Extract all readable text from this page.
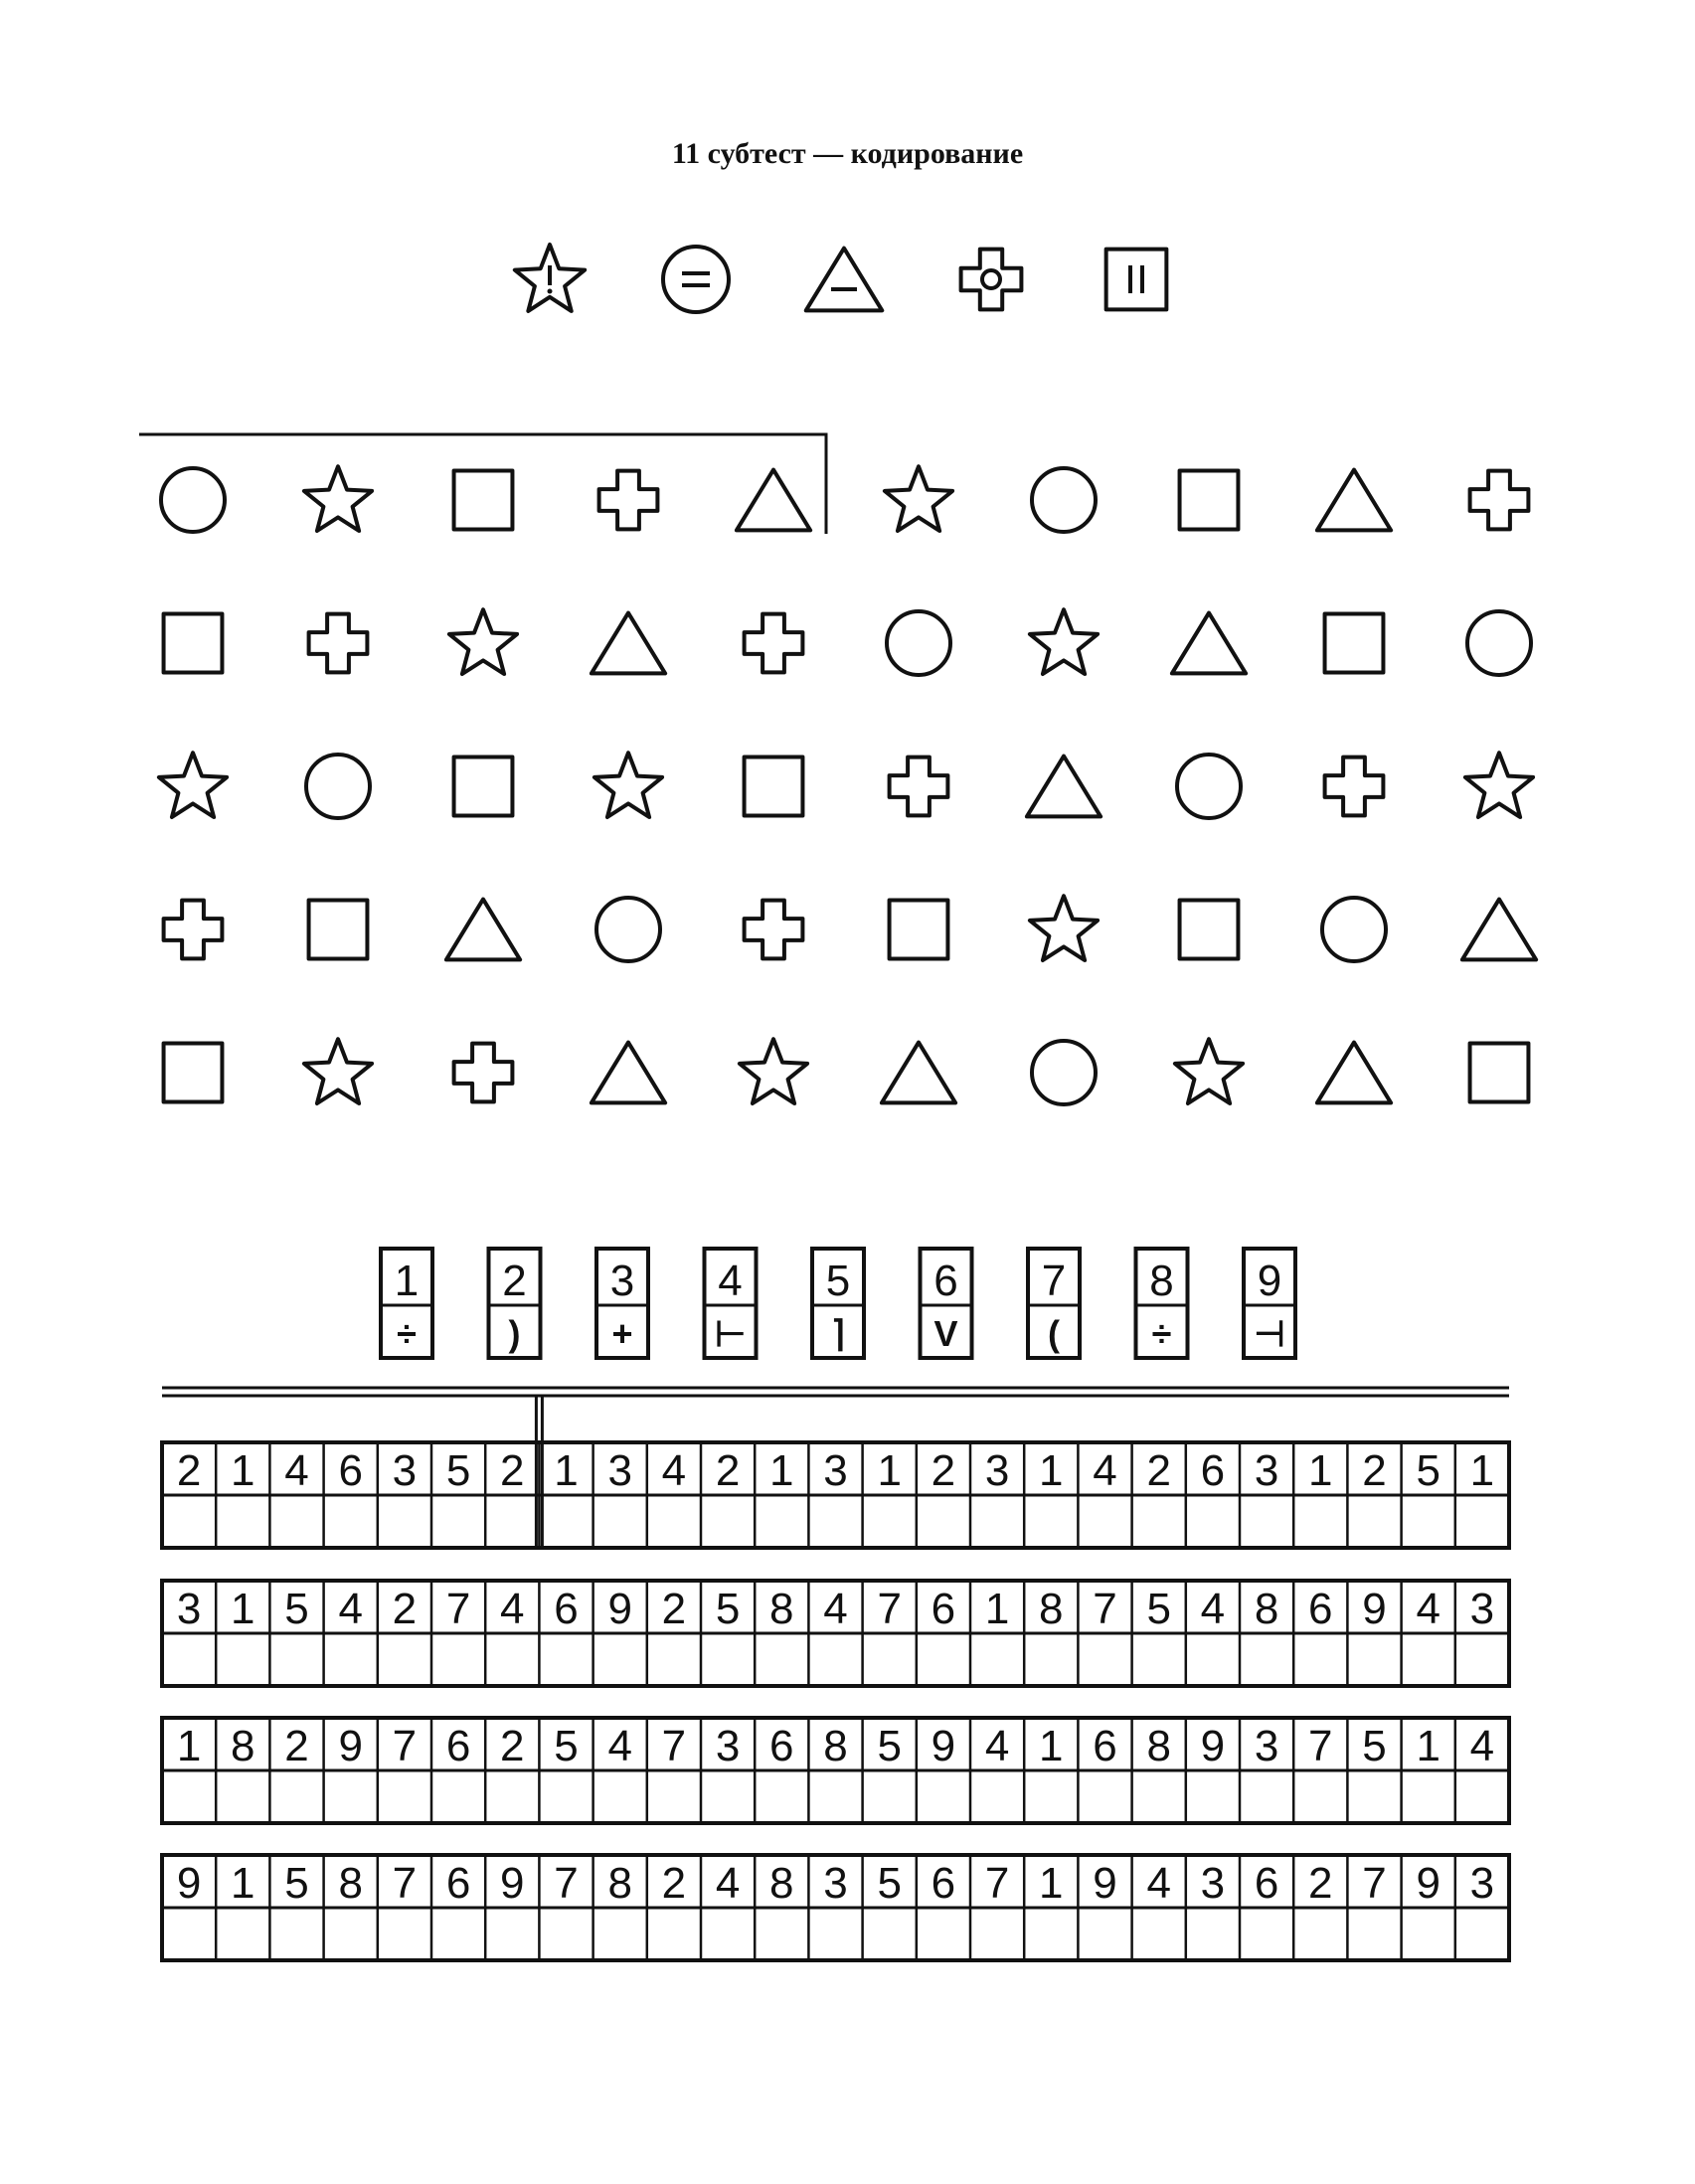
11 субтест — кодирование
1
÷
2
)
3
+
4
⊢
5
⌉
6
V
7
(
8
÷
9
⊣
2 1 4 6 3 5 2 1 3 4 2 1 3 1 2 3 1 4 2 6 3 1 2 5 1
3 1 5 4 2 7 4 6 9 2 5 8 4 7 6 1 8 7 5 4 8 6 9 4 3
1 8 2 9 7 6 2 5 4 7 3 6 8 5 9 4 1 6 8 9 3 7 5 1 4
9 1 5 8 7 6 9 7 8 2 4 8 3 5 6 7 1 9 4 3 6 2 7 9 3
